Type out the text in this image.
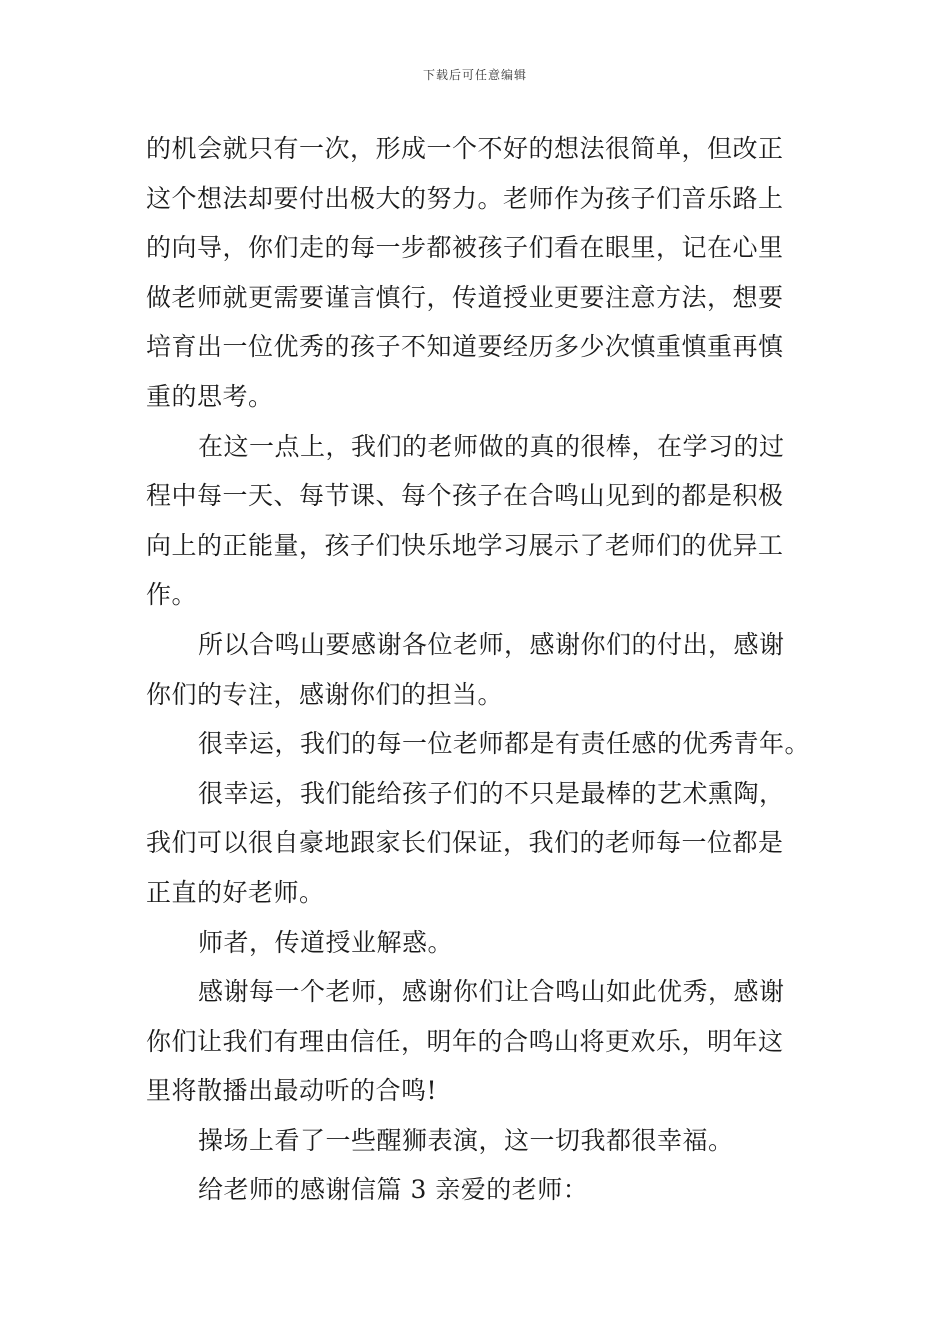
下载后可任意编辑
的机会就只有一次，形成一个不好的想法很简单，但改正
这个想法却要付出极大的努力。老师作为孩子们音乐路上
的向导，你们走的每一步都被孩子们看在眼里，记在心里
做老师就更需要谨言慎行，传道授业更要注意方法，想要
培育出一位优秀的孩子不知道要经历多少次慎重慎重再慎
重的思考。
在这一点上，我们的老师做的真的很棒，在学习的过
程中每一天、每节课、每个孩子在合鸣山见到的都是积极
向上的正能量，孩子们快乐地学习展示了老师们的优异工
作。
所以合鸣山要感谢各位老师，感谢你们的付出，感谢
你们的专注，感谢你们的担当。
很幸运，我们的每一位老师都是有责任感的优秀青年。
很幸运，我们能给孩子们的不只是最棒的艺术熏陶，
我们可以很自豪地跟家长们保证，我们的老师每一位都是
正直的好老师。
师者，传道授业解惑。
感谢每一个老师，感谢你们让合鸣山如此优秀，感谢
你们让我们有理由信任，明年的合鸣山将更欢乐，明年这
里将散播出最动听的合鸣!
操场上看了一些醒狮表演，这一切我都很幸福。
给老师的感谢信篇 3 亲爱的老师：
